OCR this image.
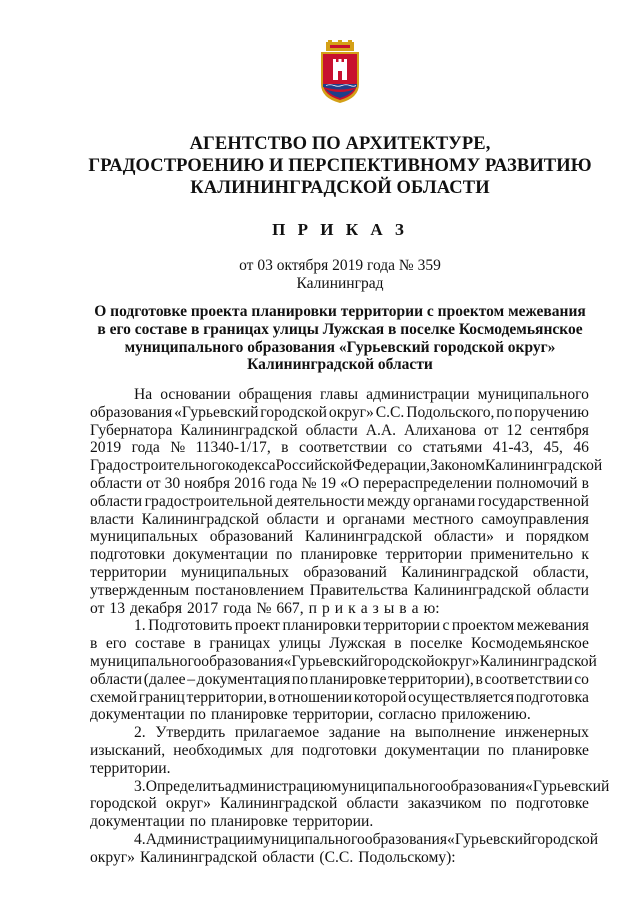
АГЕНТСТВО ПО АРХИТЕКТУРЕ,
ГРАДОСТРОЕНИЮ И ПЕРСПЕКТИВНОМУ РАЗВИТИЮ
КАЛИНИНГРАДСКОЙ ОБЛАСТИ
П Р И К А З
от 03 октября 2019 года № 359
Калининград
О подготовке проекта планировки территории с проектом межевания
в его составе в границах улицы Лужская в поселке Космодемьянское
муниципального образования «Гурьевский городской округ»
Калининградской области
На основании обращения главы администрации муниципального
образования «Гурьевский городской округ» С.С. Подольского, по поручению
Губернатора Калининградской области А.А. Алиханова от 12 сентября
2019 года № 11340-1/17, в соответствии со статьями 41-43, 45, 46
Градостроительного кодекса Российской Федерации, Законом Калининградской
области от 30 ноября 2016 года № 19 «О перераспределении полномочий в
области градостроительной деятельности между органами государственной
власти Калининградской области и органами местного самоуправления
муниципальных образований Калининградской области» и порядком
подготовки документации по планировке территории применительно к
территории муниципальных образований Калининградской области,
утвержденным постановлением Правительства Калининградской области
от 13 декабря 2017 года № 667, п р и к а з ы в а ю:
1. Подготовить проект планировки территории с проектом межевания
в его составе в границах улицы Лужская в поселке Космодемьянское
муниципального образования «Гурьевский городской округ» Калининградской
области (далее – документация по планировке территории), в соответствии со
схемой границ территории, в отношении которой осуществляется подготовка
документации по планировке территории, согласно приложению.
2. Утвердить прилагаемое задание на выполнение инженерных
изысканий, необходимых для подготовки документации по планировке
территории.
3. Определить администрацию муниципального образования «Гурьевский
городской округ» Калининградской области заказчиком по подготовке
документации по планировке территории.
4. Администрации муниципального образования «Гурьевский городской
округ» Калининградской области (С.С. Подольскому):
